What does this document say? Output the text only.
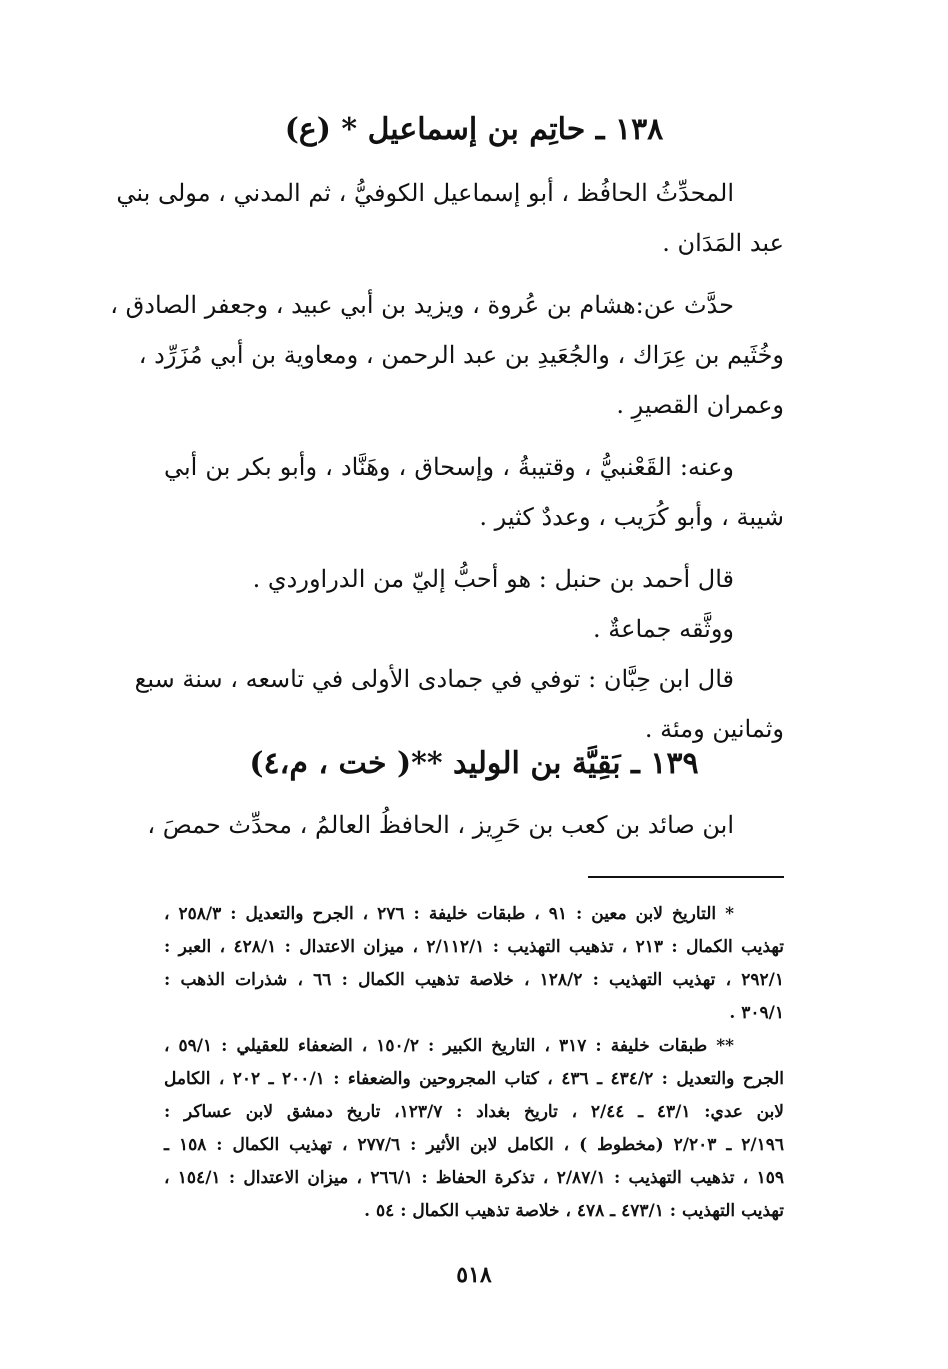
١٣٨ ـ حاتِم بن إسماعيل * (ع)
المحدِّثُ الحافُظ ، أبو إسماعيل الكوفيُّ ، ثم المدني ، مولى بني
عبد المَدَان .
حدَّث عن:هشام بن عُروة ، ويزيد بن أبي عبيد ، وجعفر الصادق ،
وخُثَيم بن عِرَاك ، والجُعَيدِ بن عبد الرحمن ، ومعاوية بن أبي مُزَرِّد ،
وعمران القصيرِ .
وعنه: القَعْنبيُّ ، وقتيبةُ ، وإسحاق ، وهَنَّاد ، وأبو بكر بن أبي
شيبة ، وأبو كُرَيب ، وعددٌ كثير .
قال أحمد بن حنبل : هو أحبُّ إليّ من الدراوردي .
ووثَّقه جماعةٌ .
قال ابن حِبَّان : توفي في جمادى الأولى في تاسعه ، سنة سبع
وثمانين ومئة .
١٣٩ ـ بَقِيَّة بن الوليد **( خت ، م،٤)
ابن صائد بن كعب بن حَرِيز ، الحافظُ العالمُ ، محدِّث حمصَ ،
* التاريخ لابن معين : ٩١ ، طبقات خليفة : ٢٧٦ ، الجرح والتعديل : ٢٥٨/٣ ،
تهذيب الكمال : ٢١٣ ، تذهيب التهذيب : ٢/١١٢/١ ، ميزان الاعتدال : ٤٢٨/١ ، العبر :
٢٩٢/١ ، تهذيب التهذيب : ١٢٨/٢ ، خلاصة تذهيب الكمال : ٦٦ ، شذرات الذهب :
٣٠٩/١ .
** طبقات خليفة : ٣١٧ ، التاريخ الكبير : ١٥٠/٢ ، الضعفاء للعقيلي : ٥٩/١ ،
الجرح والتعديل : ٤٣٤/٢ ـ ٤٣٦ ، كتاب المجروحين والضعفاء : ٢٠٠/١ ـ ٢٠٢ ، الكامل
لابن عدي: ٤٣/١ ـ ٢/٤٤ ، تاريخ بغداد : ١٢٣/٧، تاريخ دمشق لابن عساكر :
٢/١٩٦ ـ ٢/٢٠٣ (مخطوط ) ، الكامل لابن الأثير : ٢٧٧/٦ ، تهذيب الكمال : ١٥٨ ـ
١٥٩ ، تذهيب التهذيب : ٢/٨٧/١ ، تذكرة الحفاظ : ٢٦٦/١ ، ميزان الاعتدال : ١٥٤/١ ،
تهذيب التهذيب : ٤٧٣/١ ـ ٤٧٨ ، خلاصة تذهيب الكمال : ٥٤ .
٥١٨
